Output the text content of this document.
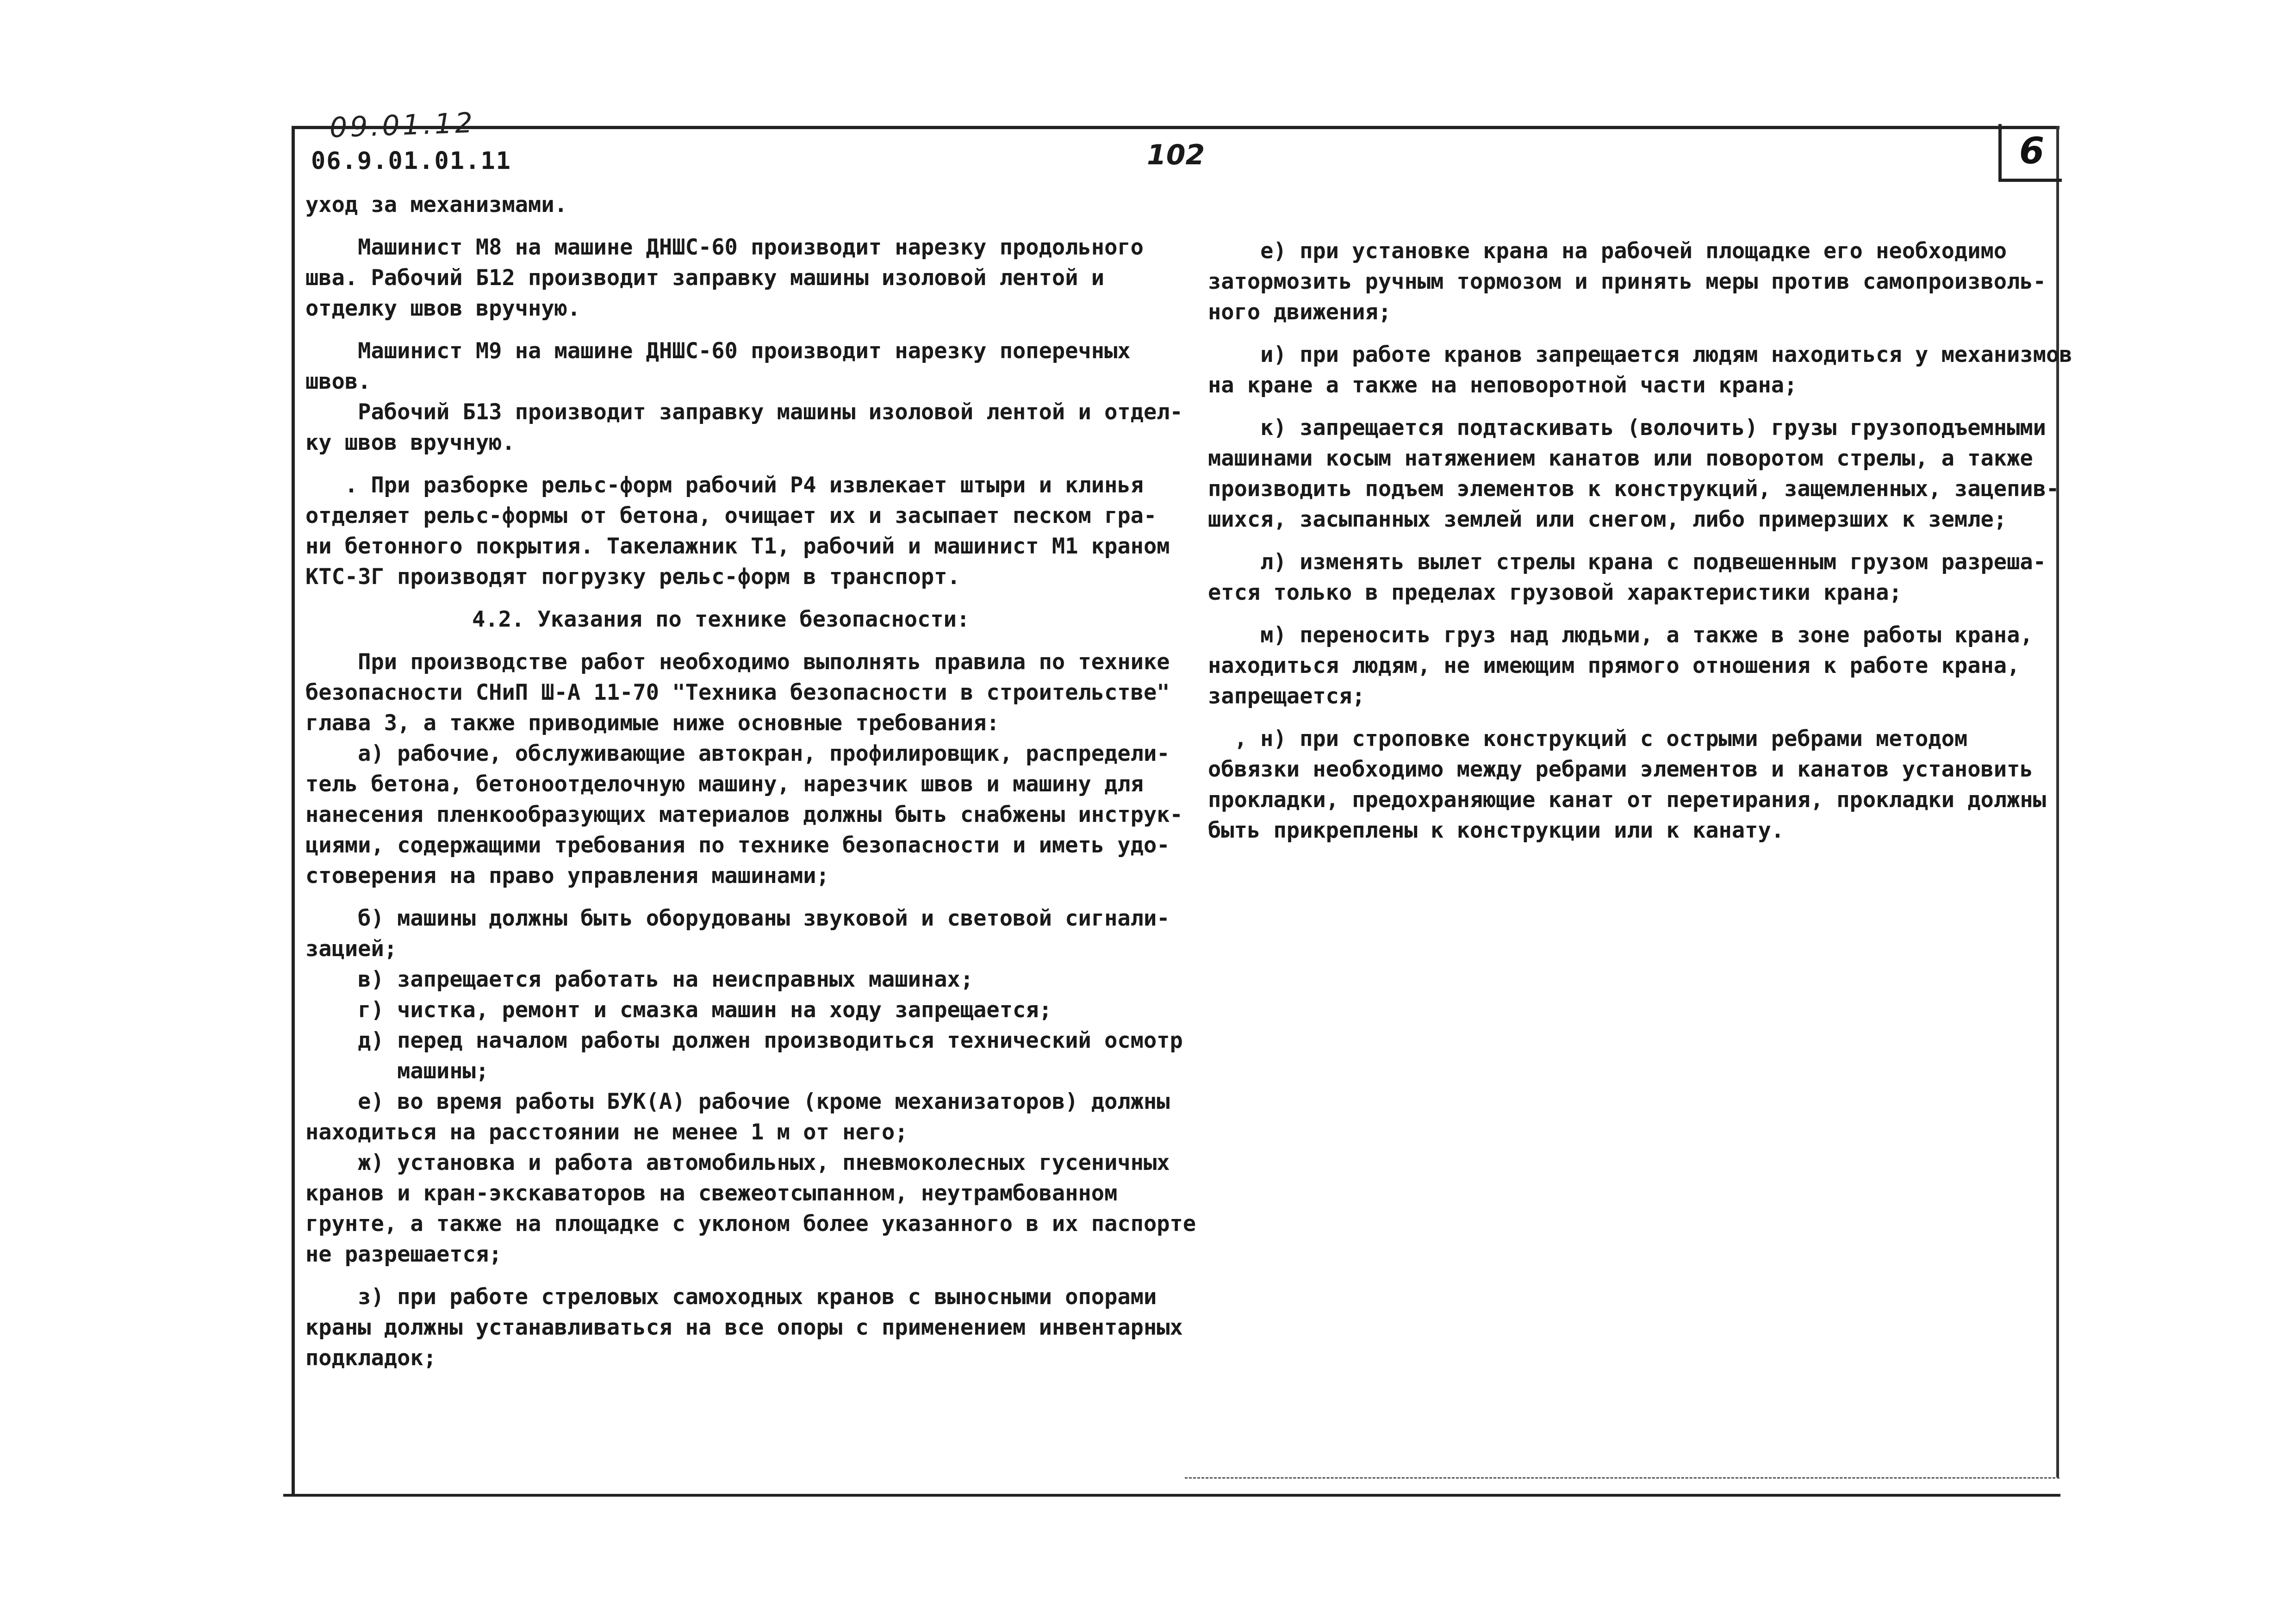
6
09.01.12
06.9.01.01.11	102
уход за механизмами.
Машинист М8 на машине ДНШС-60 производит нарезку продольного
шва. Рабочий Б12 производит заправку машины изоловой лентой и
отделку швов вручную.
Машинист М9 на машине ДНШС-60 производит нарезку поперечных
швов.
Рабочий Б13 производит заправку машины изоловой лентой и отдел-
ку швов вручную.
. При разборке рельс-форм рабочий Р4 извлекает штыри и клинья
отделяет рельс-формы от бетона, очищает их и засыпает песком гра-
ни бетонного покрытия. Такелажник Т1, рабочий и машинист М1 краном
КТС-3Г производят погрузку рельс-форм в транспорт.
4.2. Указания по технике безопасности:
При производстве работ необходимо выполнять правила по технике
безопасности СНиП Ш-А 11-70 "Техника безопасности в строительстве"
глава 3, а также приводимые ниже основные требования:
а) рабочие, обслуживающие автокран, профилировщик, распредели-
тель бетона, бетоноотделочную машину, нарезчик швов и машину для
нанесения пленкообразующих материалов должны быть снабжены инструк-
циями, содержащими требования по технике безопасности и иметь удо-
стоверения на право управления машинами;
б) машины должны быть оборудованы звуковой и световой сигнали-
зацией;
в) запрещается работать на неисправных машинах;
г) чистка, ремонт и смазка машин на ходу запрещается;
д) перед началом работы должен производиться технический осмотр
машины;
е) во время работы БУК(А) рабочие (кроме механизаторов) должны
находиться на расстоянии не менее 1 м от него;
ж) установка и работа автомобильных, пневмоколесных гусеничных
кранов и кран-экскаваторов на свежеотсыпанном, неутрамбованном
грунте, а также на площадке с уклоном более указанного в их паспорте
не разрешается;
з) при работе стреловых самоходных кранов с выносными опорами
краны должны устанавливаться на все опоры с применением инвентарных
подкладок;
е) при установке крана на рабочей площадке его необходимо
затормозить ручным тормозом и принять меры против самопроизволь-
ного движения;
и) при работе кранов запрещается людям находиться у механизмов
на кране а также на неповоротной части крана;
к) запрещается подтаскивать (волочить) грузы грузоподъемными
машинами косым натяжением канатов или поворотом стрелы, а также
производить подъем элементов к конструкций, защемленных, зацепив-
шихся, засыпанных землей или снегом, либо примерзших к земле;
л) изменять вылет стрелы крана с подвешенным грузом разреша-
ется только в пределах грузовой характеристики крана;
м) переносить груз над людьми, а также в зоне работы крана,
находиться людям, не имеющим прямого отношения к работе крана,
запрещается;
, н) при строповке конструкций с острыми ребрами методом
обвязки необходимо между ребрами элементов и канатов установить
прокладки, предохраняющие канат от перетирания, прокладки должны
быть прикреплены к конструкции или к канату.
